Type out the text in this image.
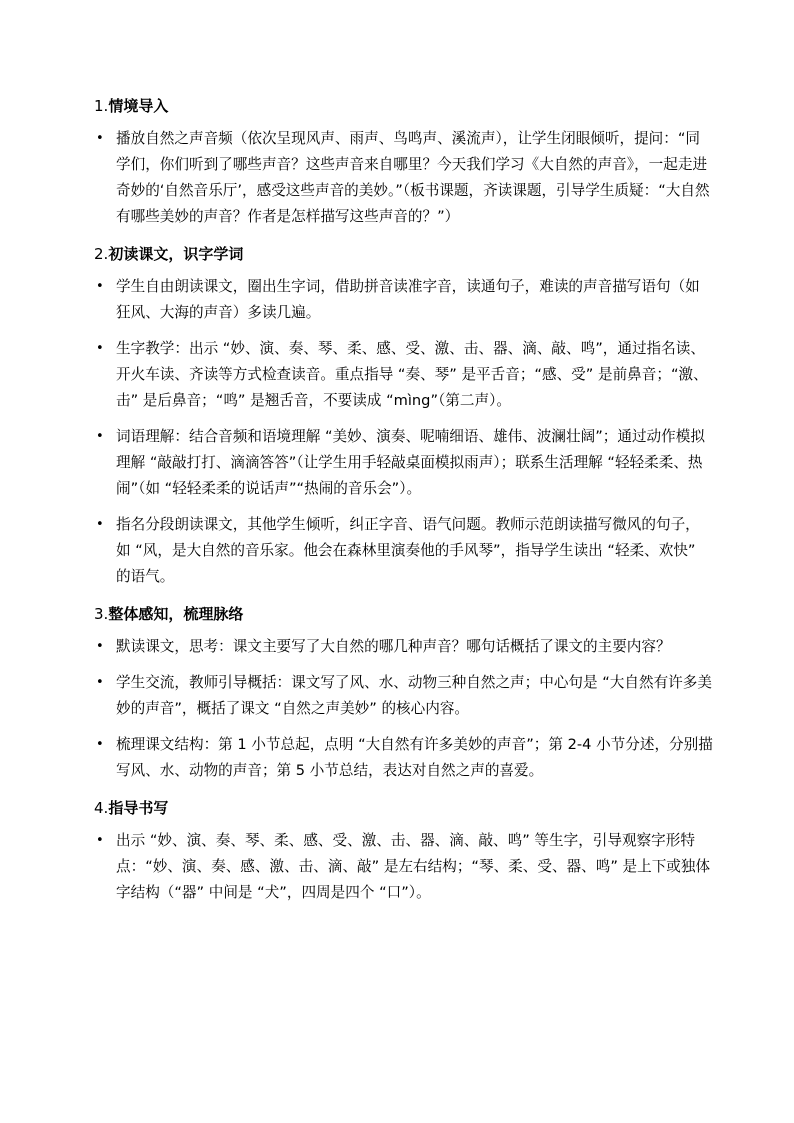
1.情境导入
• 播放自然之声音频（依次呈现风声、雨声、鸟鸣声、溪流声），让学生闭眼倾听，提问：“同学们，你们听到了哪些声音？这些声音来自哪里？今天我们学习《大自然的声音》，一起走进奇妙的‘自然音乐厅’，感受这些声音的美妙。”（板书课题，齐读课题，引导学生质疑：“大自然有哪些美妙的声音？作者是怎样描写这些声音的？”）
2.初读课文，识字学词
• 学生自由朗读课文，圈出生字词，借助拼音读准字音，读通句子，难读的声音描写语句（如狂风、大海的声音）多读几遍。
• 生字教学：出示 “妙、演、奏、琴、柔、感、受、激、击、器、滴、敲、鸣”，通过指名读、开火车读、齐读等方式检查读音。重点指导 “奏、琴” 是平舌音；“感、受” 是前鼻音；“激、击” 是后鼻音；“鸣” 是翘舌音，不要读成 “mìng”（第二声）。
• 词语理解：结合音频和语境理解 “美妙、演奏、呢喃细语、雄伟、波澜壮阔”；通过动作模拟理解 “敲敲打打、滴滴答答”（让学生用手轻敲桌面模拟雨声）；联系生活理解 “轻轻柔柔、热闹”（如 “轻轻柔柔的说话声”“热闹的音乐会”）。
• 指名分段朗读课文，其他学生倾听，纠正字音、语气问题。教师示范朗读描写微风的句子，如 “风，是大自然的音乐家。他会在森林里演奏他的手风琴”，指导学生读出 “轻柔、欢快” 的语气。
3.整体感知，梳理脉络
• 默读课文，思考：课文主要写了大自然的哪几种声音？哪句话概括了课文的主要内容？
• 学生交流，教师引导概括：课文写了风、水、动物三种自然之声；中心句是 “大自然有许多美妙的声音”，概括了课文 “自然之声美妙” 的核心内容。
• 梳理课文结构：第 1 小节总起，点明 “大自然有许多美妙的声音”；第 2-4 小节分述，分别描写风、水、动物的声音；第 5 小节总结，表达对自然之声的喜爱。
4.指导书写
• 出示 “妙、演、奏、琴、柔、感、受、激、击、器、滴、敲、鸣” 等生字，引导观察字形特点：“妙、演、奏、感、激、击、滴、敲” 是左右结构；“琴、柔、受、器、鸣” 是上下或独体字结构（“器” 中间是 “犬”，四周是四个 “口”）。
